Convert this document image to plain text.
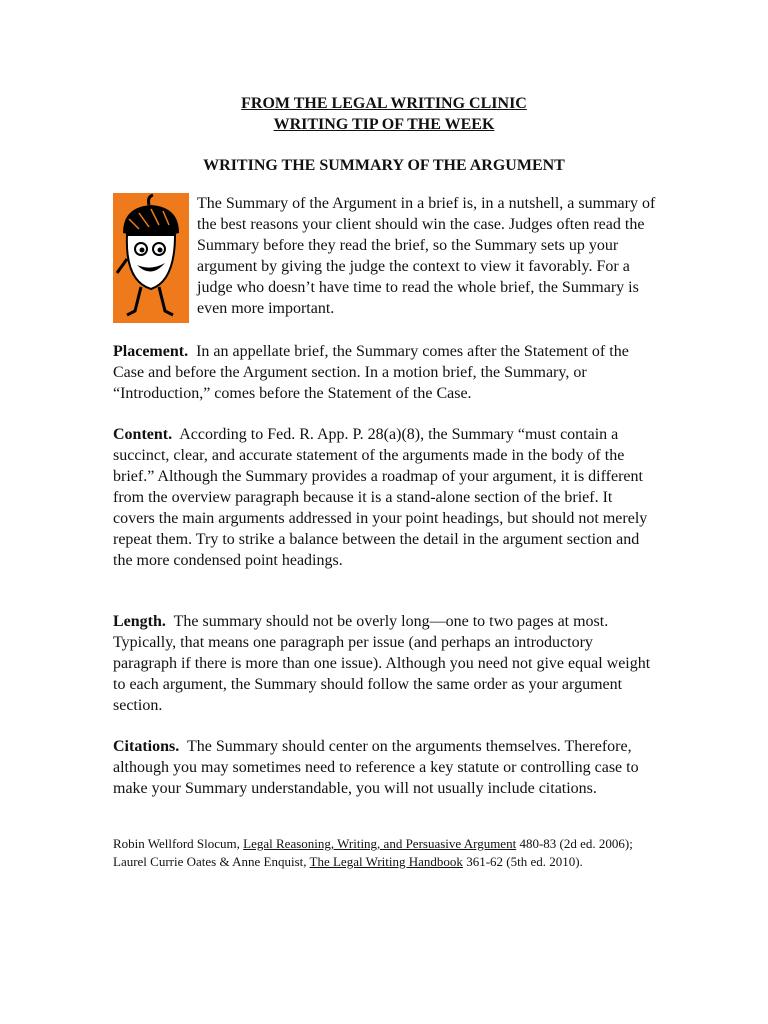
FROM THE LEGAL WRITING CLINIC
WRITING TIP OF THE WEEK
WRITING THE SUMMARY OF THE ARGUMENT

The Summary of the Argument in a brief is, in a nutshell, a summary of the best reasons your client should win the case. Judges often read the Summary before they read the brief, so the Summary sets up your argument by giving the judge the context to view it favorably. For a judge who doesn’t have time to read the whole brief, the Summary is even more important.

Placement. In an appellate brief, the Summary comes after the Statement of the Case and before the Argument section. In a motion brief, the Summary, or “Introduction,” comes before the Statement of the Case.

Content. According to Fed. R. App. P. 28(a)(8), the Summary “must contain a succinct, clear, and accurate statement of the arguments made in the body of the brief.” Although the Summary provides a roadmap of your argument, it is different from the overview paragraph because it is a stand-alone section of the brief. It covers the main arguments addressed in your point headings, but should not merely repeat them. Try to strike a balance between the detail in the argument section and the more condensed point headings.

Length. The summary should not be overly long—one to two pages at most. Typically, that means one paragraph per issue (and perhaps an introductory paragraph if there is more than one issue). Although you need not give equal weight to each argument, the Summary should follow the same order as your argument section.

Citations. The Summary should center on the arguments themselves. Therefore, although you may sometimes need to reference a key statute or controlling case to make your Summary understandable, you will not usually include citations.

Robin Wellford Slocum, Legal Reasoning, Writing, and Persuasive Argument 480-83 (2d ed. 2006); Laurel Currie Oates & Anne Enquist, The Legal Writing Handbook 361-62 (5th ed. 2010).
